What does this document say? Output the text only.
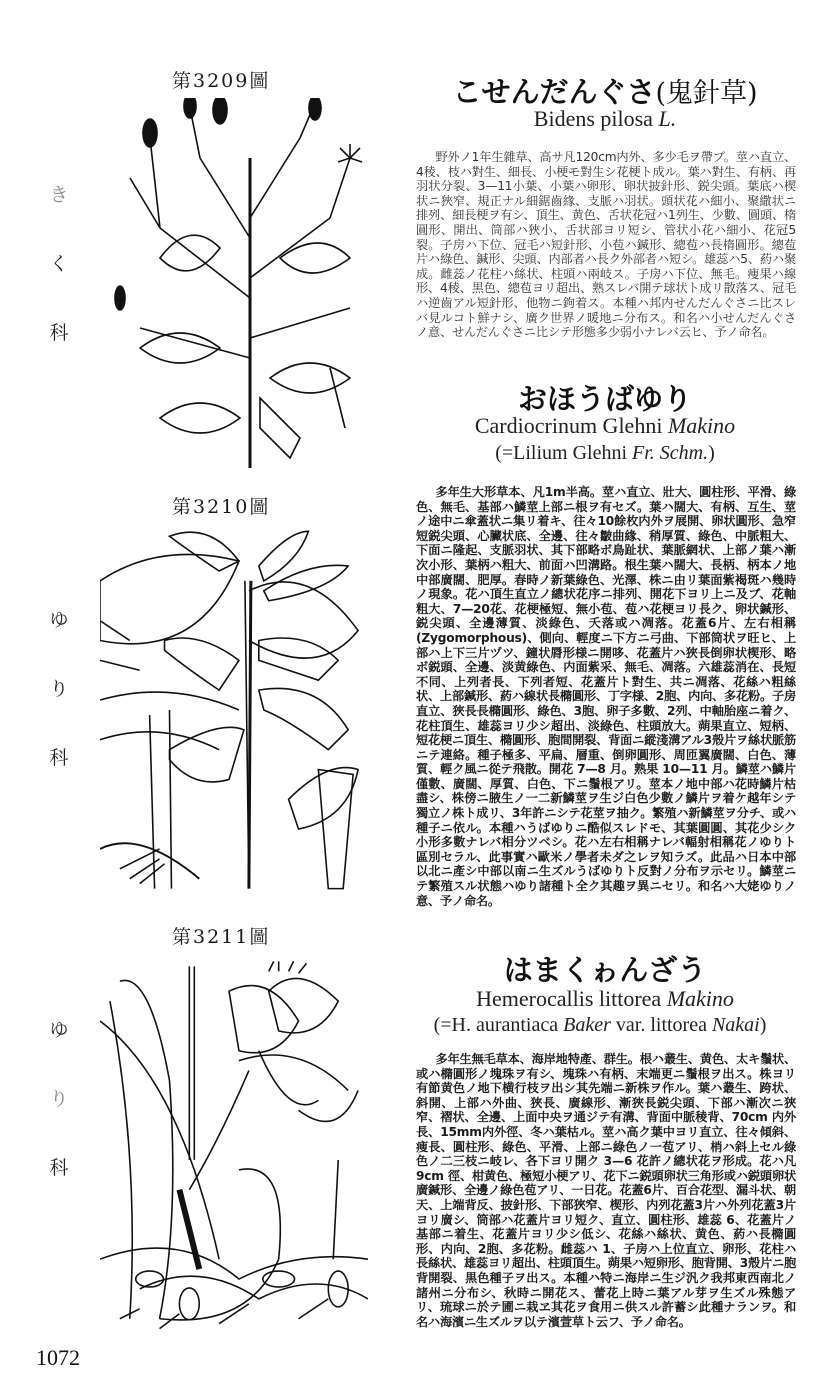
第3209圖
き
く
科
こせんだんぐさ(鬼針草)
Bidens pilosa L.
野外ノ1年生雜草、高サ凡120cm内外、多少毛ヲ帶ブ。莖ハ直立、4稜、枝ハ對生、細長、小梗モ對生シ花梗ト成ル。葉ハ對生、有柄、再羽状分裂、3—11小葉、小葉ハ卵形、卵状披針形、鋭尖頭。葉底ハ楔状ニ狹窄、規正ナル細鋸齒緣、支脈ハ羽状。頭状花ハ細小、聚繖状ニ排列、細長梗ヲ有シ、頂生、黄色、舌状花冠ハ1列生、少數、圓頭、楕圓形、開出、筒部ハ狹小、舌状部ヨリ短シ、管状小花ハ細小、花冠5裂。子房ハ下位、冠毛ハ短針形、小苞ハ鍼形、總苞ハ長楕圓形。總苞片ハ綠色、鍼形、尖頭、内部者ハ長ク外部者ハ短シ。雄蕊ハ5、葯ハ聚成。雌蕊ノ花柱ハ絲状、柱頭ハ兩岐ス。子房ハ下位、無毛。痩果ハ線形、4稜、黒色、總苞ヨリ超出、熟スレバ開テ球状ト成リ散落ス、冠毛ハ逆齒アル短針形、他物ニ鉤着ス。本種ハ邦内せんだんぐさニ比スレバ見ルコト鮮ナシ、廣ク世界ノ暖地ニ分布ス。和名ハ小せんだんぐさノ意、せんだんぐさニ比シテ形態多少弱小ナレバ云ヒ、予ノ命名。
第3210圖
ゆ
り
科
おほうばゆり
Cardiocrinum Glehni Makino
(=Lilium Glehni Fr. Schm.)
多年生大形草本、凡1m半高。莖ハ直立、壯大、圓柱形、平滑、綠色、無毛、基部ハ鱗莖上部ニ根ヲ有セズ。葉ハ闊大、有柄、互生、莖ノ途中ニ傘蓋状ニ集リ着キ、往々10餘枚内外ヲ展開、卵状圓形、急窄短鋭尖頭、心臟状底、全邊、往々皺曲緣、稍厚質、綠色、中脈粗大、下面ニ隆起、支脈羽状、其下部略ボ鳥趾状、葉脈網状、上部ノ葉ハ漸次小形、葉柄ハ粗大、前面ハ凹溝路。根生葉ハ闊大、長柄、柄本ノ地中部廣闊、肥厚。春時ノ新葉綠色、光澤、株ニ由リ葉面紫褐斑ハ幾時ノ現象。花ハ頂生直立ノ總状花序ニ排列、開花下ヨリ上ニ及ブ、花軸粗大、7—20花、花梗極短、無小苞、苞ハ花梗ヨリ長ク、卵状鍼形、鋭尖頭、全邊薄質、淡綠色、夭落或ハ凋落。花蓋6片、左右相稱(Zygomorphous)、側向、輕度ニ下方ニ弓曲、下部筒状ヲ旺ヒ、上部ハ上下三片ヅツ、鐘状脣形様ニ開哆、花蓋片ハ狹長倒卵状楔形、略ボ鋭頭、全邊、淡黄綠色、内面紫采、無毛、凋落。六雄蕊消在、長短不同、上列者長、下列者短、花蓋片ト對生、共ニ凋落、花絲ハ粗絲状、上部鍼形、葯ハ線状長橢圓形、丁字様、2胞、内向、多花粉。子房直立、狹長長橢圓形、綠色、3胞、卵子多數、2列、中軸胎座ニ着ク、花柱頂生、雄蕊ヨリ少シ超出、淡綠色、柱頭放大。蒴果直立、短柄、短花梗ニ頂生、橢圓形、胞間開裂、背面ニ縱淺溝アル3殼片ヲ絲状脈筋ニテ連絡。種子極多、平扁、層重、倒卵圓形、周匝翼廣闊、白色、薄質、輕ク風ニ從テ飛散。開花 7—8 月。熟果 10—11 月。鱗莖ハ鱗片僅數、廣闊、厚質、白色、下ニ鬚根アリ。莖本ノ地中部ハ花時鱗片枯盡シ、株傍ニ腋生ノ一二新鱗莖ヲ生ジ白色少數ノ鱗片ヲ着ケ越年シテ獨立ノ株ト成リ、3年許ニシテ花莖ヲ抽ク。繁殖ハ新鱗莖ヲ分チ、或ハ種子ニ依ル。本種ハうばゆりニ酷似スレドモ、其葉圓圓、其花少シク小形多數ナレバ相分ツベシ。花ハ左右相稱ナレバ輻射相稱花ノゆりト區別セラル、此事實ハ歐米ノ學者未ダ之レヲ知ラズ。此品ハ日本中部以北ニ產シ中部以南ニ生ズルうばゆりト反對ノ分布ヲ示セリ。鱗莖ニテ繁殖スル状態ハゆり諸種ト全ク其趣ヲ異ニセリ。和名ハ大姥ゆりノ意、予ノ命名。
第3211圖
ゆ
り
科
はまくゎんざう
Hemerocallis littorea Makino
(=H. aurantiaca Baker var. littorea Nakai)
多年生無毛草本、海岸地特產、群生。根ハ叢生、黄色、太キ鬚状、或ハ橢圓形ノ塊珠ヲ有シ、塊珠ハ有柄、末端更ニ鬚根ヲ出ス。株ヨリ有節黄色ノ地下横行枝ヲ出シ其先端ニ新株ヲ作ル。葉ハ叢生、跨状、斜開、上部ハ外曲、狹長、廣線形、漸狹長鋭尖頭、下部ハ漸次ニ狹窄、褶状、全邊、上面中央ヲ通ジテ有溝、背面中脈稜背、70cm 内外長、15mm内外徑、冬ハ葉枯ル。莖ハ高ク葉中ヨリ直立、往々傾斜、痩長、圓柱形、綠色、平滑、上部ニ綠色ノ一苞アリ、梢ハ斜上セル綠色ノ二三枝ニ岐レ、各下ヨリ開ク 3—6 花許ノ總状花ヲ形成。花ハ凡 9cm 徑、柑黄色、極短小梗アリ、花下ニ鋭頭卵状三角形或ハ鋭頭卵状廣鍼形、全邊ノ綠色苞アリ、一日花。花蓋6片、百合花型、漏斗状、朝天、上端背反、披針形、下部狹窄、楔形、内列花蓋3片ハ外列花蓋3片ヨリ廣シ、筒部ハ花蓋片ヨリ短ク、直立、圓柱形、雄蕊 6、花蓋片ノ基部ニ着生、花蓋片ヨリ少シ低シ、花絲ハ絲状、黄色、葯ハ長橢圓形、内向、2胞、多花粉。雌蕊ハ 1、子房ハ上位直立、卵形、花柱ハ長絲状、雄蕊ヨリ超出、柱頭頂生。蒴果ハ短卵形、胞背開、3殼片ニ胞背開裂、黒色種子ヲ出ス。本種ハ特ニ海岸ニ生ジ汎ク我邦東西南北ノ諸州ニ分布シ、秋時ニ開花ス、蕾花上時ニ葉アル芽ヲ生ズル殊態アリ、琉球ニ於テ圃ニ栽ヱ其花ヲ食用ニ供スル許蓄シ此種ナランヲ。和名ハ海濱ニ生ズルヲ以テ濱萱草ト云フ、予ノ命名。
1072
